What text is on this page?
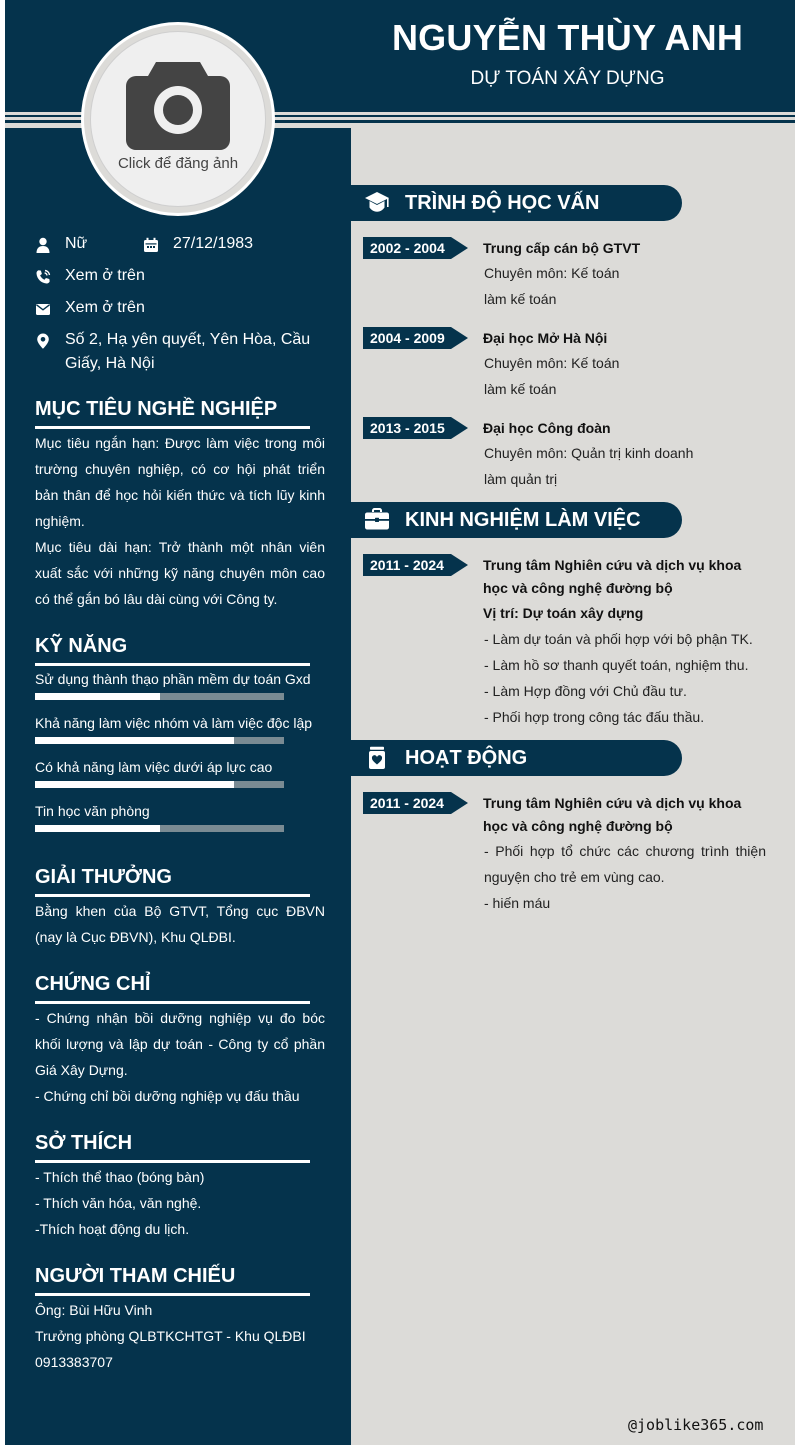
NGUYỄN THÙY ANH
DỰ TOÁN XÂY DỰNG
Click để đăng ảnh
Nữ	27/12/1983
Xem ở trên
Xem ở trên
Số 2, Hạ yên quyết, Yên Hòa, Cầu Giấy, Hà Nội
MỤC TIÊU NGHỀ NGHIỆP
Mục tiêu ngắn hạn: Được làm việc trong môi trường chuyên nghiệp, có cơ hội phát triển bản thân để học hỏi kiến thức và tích lũy kinh nghiệm.
Mục tiêu dài hạn: Trở thành một nhân viên xuất sắc với những kỹ năng chuyên môn cao có thể gắn bó lâu dài cùng với Công ty.
KỸ NĂNG
Sử dụng thành thạo phần mềm dự toán Gxd
Khả năng làm việc nhóm và làm việc độc lập
Có khả năng làm việc dưới áp lực cao
Tin học văn phòng
GIẢI THƯỞNG
Bằng khen của Bộ GTVT, Tổng cục ĐBVN (nay là Cục ĐBVN), Khu QLĐBI.
CHỨNG CHỈ
- Chứng nhận bồi dưỡng nghiệp vụ đo bóc khối lượng và lập dự toán - Công ty cổ phần Giá Xây Dựng.
- Chứng chỉ bồi dưỡng nghiệp vụ đấu thầu
SỞ THÍCH
- Thích thể thao (bóng bàn)
- Thích văn hóa, văn nghệ.
-Thích hoạt động du lịch.
NGƯỜI THAM CHIẾU
Ông: Bùi Hữu Vinh
Trưởng phòng QLBTKCHTGT - Khu QLĐBI
0913383707
TRÌNH ĐỘ HỌC VẤN
2002 - 2004	Trung cấp cán bộ GTVT
Chuyên môn: Kế toán
làm kế toán
2004 - 2009	Đại học Mở Hà Nội
Chuyên môn: Kế toán
làm kế toán
2013 - 2015	Đại học Công đoàn
Chuyên môn: Quản trị kinh doanh
làm quản trị
KINH NGHIỆM LÀM VIỆC
2011 - 2024	Trung tâm Nghiên cứu và dịch vụ khoa học và công nghệ đường bộ
Vị trí: Dự toán xây dựng
- Làm dự toán và phối hợp với bộ phận TK.
- Làm hồ sơ thanh quyết toán, nghiệm thu.
- Làm Hợp đồng với Chủ đầu tư.
- Phối hợp trong công tác đấu thầu.
HOẠT ĐỘNG
2011 - 2024	Trung tâm Nghiên cứu và dịch vụ khoa học và công nghệ đường bộ
- Phối hợp tổ chức các chương trình thiện nguyện cho trẻ em vùng cao.
- hiến máu
@joblike365.com
